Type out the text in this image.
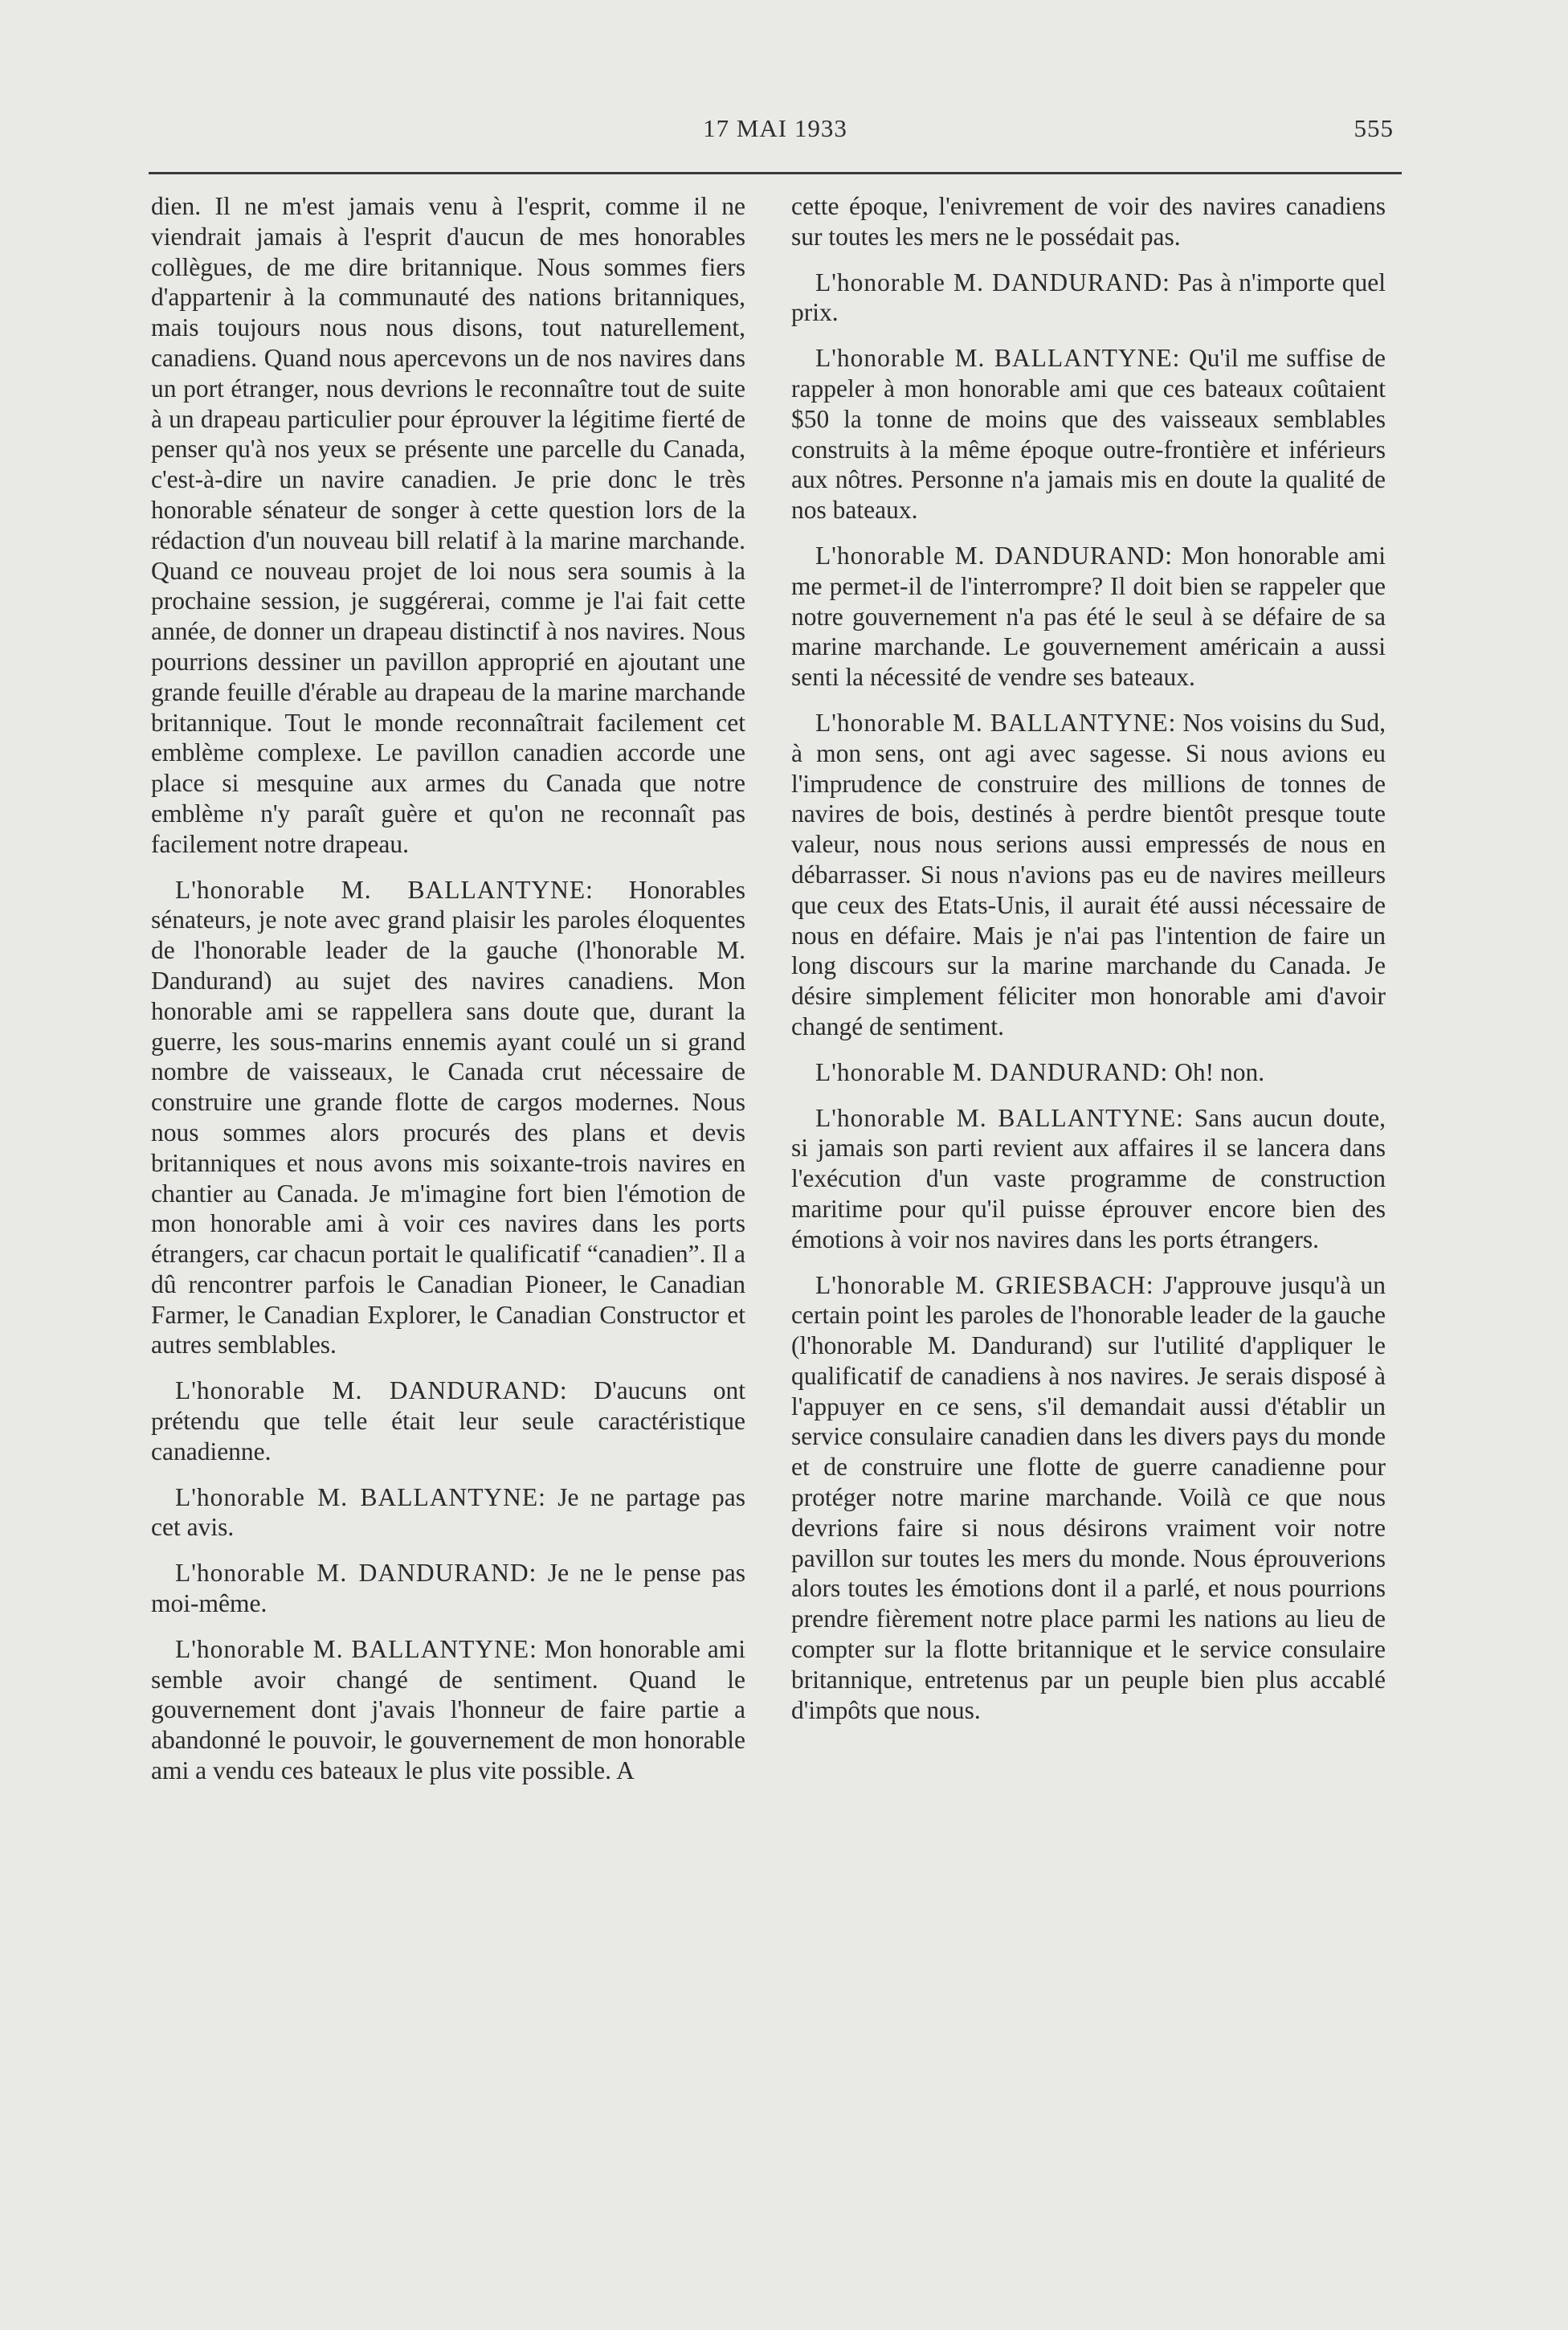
17 MAI 1933	555

dien. Il ne m'est jamais venu à l'esprit, comme il ne viendrait jamais à l'esprit d'aucun de mes honorables collègues, de me dire britannique. Nous sommes fiers d'appartenir à la communauté des nations britanniques, mais toujours nous nous disons, tout naturellement, canadiens. Quand nous apercevons un de nos navires dans un port étranger, nous devrions le reconnaître tout de suite à un drapeau particulier pour éprouver la légitime fierté de penser qu'à nos yeux se présente une parcelle du Canada, c'est-à-dire un navire canadien. Je prie donc le très honorable sénateur de songer à cette question lors de la rédaction d'un nouveau bill relatif à la marine marchande. Quand ce nouveau projet de loi nous sera soumis à la prochaine session, je suggérerai, comme je l'ai fait cette année, de donner un drapeau distinctif à nos navires. Nous pourrions dessiner un pavillon approprié en ajoutant une grande feuille d'érable au drapeau de la marine marchande britannique. Tout le monde reconnaîtrait facilement cet emblème complexe. Le pavillon canadien accorde une place si mesquine aux armes du Canada que notre emblème n'y paraît guère et qu'on ne reconnaît pas facilement notre drapeau.

L'honorable M. BALLANTYNE: Honorables sénateurs, je note avec grand plaisir les paroles éloquentes de l'honorable leader de la gauche (l'honorable M. Dandurand) au sujet des navires canadiens. Mon honorable ami se rappellera sans doute que, durant la guerre, les sous-marins ennemis ayant coulé un si grand nombre de vaisseaux, le Canada crut nécessaire de construire une grande flotte de cargos modernes. Nous nous sommes alors procurés des plans et devis britanniques et nous avons mis soixante-trois navires en chantier au Canada. Je m'imagine fort bien l'émotion de mon honorable ami à voir ces navires dans les ports étrangers, car chacun portait le qualificatif “canadien”. Il a dû rencontrer parfois le Canadian Pioneer, le Canadian Farmer, le Canadian Explorer, le Canadian Constructor et autres semblables.

L'honorable M. DANDURAND: D'aucuns ont prétendu que telle était leur seule caractéristique canadienne.

L'honorable M. BALLANTYNE: Je ne partage pas cet avis.

L'honorable M. DANDURAND: Je ne le pense pas moi-même.

L'honorable M. BALLANTYNE: Mon honorable ami semble avoir changé de sentiment. Quand le gouvernement dont j'avais l'honneur de faire partie a abandonné le pouvoir, le gouvernement de mon honorable ami a vendu ces bateaux le plus vite possible. A

cette époque, l'enivrement de voir des navires canadiens sur toutes les mers ne le possédait pas.

L'honorable M. DANDURAND: Pas à n'importe quel prix.

L'honorable M. BALLANTYNE: Qu'il me suffise de rappeler à mon honorable ami que ces bateaux coûtaient $50 la tonne de moins que des vaisseaux semblables construits à la même époque outre-frontière et inférieurs aux nôtres. Personne n'a jamais mis en doute la qualité de nos bateaux.

L'honorable M. DANDURAND: Mon honorable ami me permet-il de l'interrompre? Il doit bien se rappeler que notre gouvernement n'a pas été le seul à se défaire de sa marine marchande. Le gouvernement américain a aussi senti la nécessité de vendre ses bateaux.

L'honorable M. BALLANTYNE: Nos voisins du Sud, à mon sens, ont agi avec sagesse. Si nous avions eu l'imprudence de construire des millions de tonnes de navires de bois, destinés à perdre bientôt presque toute valeur, nous nous serions aussi empressés de nous en débarrasser. Si nous n'avions pas eu de navires meilleurs que ceux des Etats-Unis, il aurait été aussi nécessaire de nous en défaire. Mais je n'ai pas l'intention de faire un long discours sur la marine marchande du Canada. Je désire simplement féliciter mon honorable ami d'avoir changé de sentiment.

L'honorable M. DANDURAND: Oh! non.

L'honorable M. BALLANTYNE: Sans aucun doute, si jamais son parti revient aux affaires il se lancera dans l'exécution d'un vaste programme de construction maritime pour qu'il puisse éprouver encore bien des émotions à voir nos navires dans les ports étrangers.

L'honorable M. GRIESBACH: J'approuve jusqu'à un certain point les paroles de l'honorable leader de la gauche (l'honorable M. Dandurand) sur l'utilité d'appliquer le qualificatif de canadiens à nos navires. Je serais disposé à l'appuyer en ce sens, s'il demandait aussi d'établir un service consulaire canadien dans les divers pays du monde et de construire une flotte de guerre canadienne pour protéger notre marine marchande. Voilà ce que nous devrions faire si nous désirons vraiment voir notre pavillon sur toutes les mers du monde. Nous éprouverions alors toutes les émotions dont il a parlé, et nous pourrions prendre fièrement notre place parmi les nations au lieu de compter sur la flotte britannique et le service consulaire britannique, entretenus par un peuple bien plus accablé d'impôts que nous.
